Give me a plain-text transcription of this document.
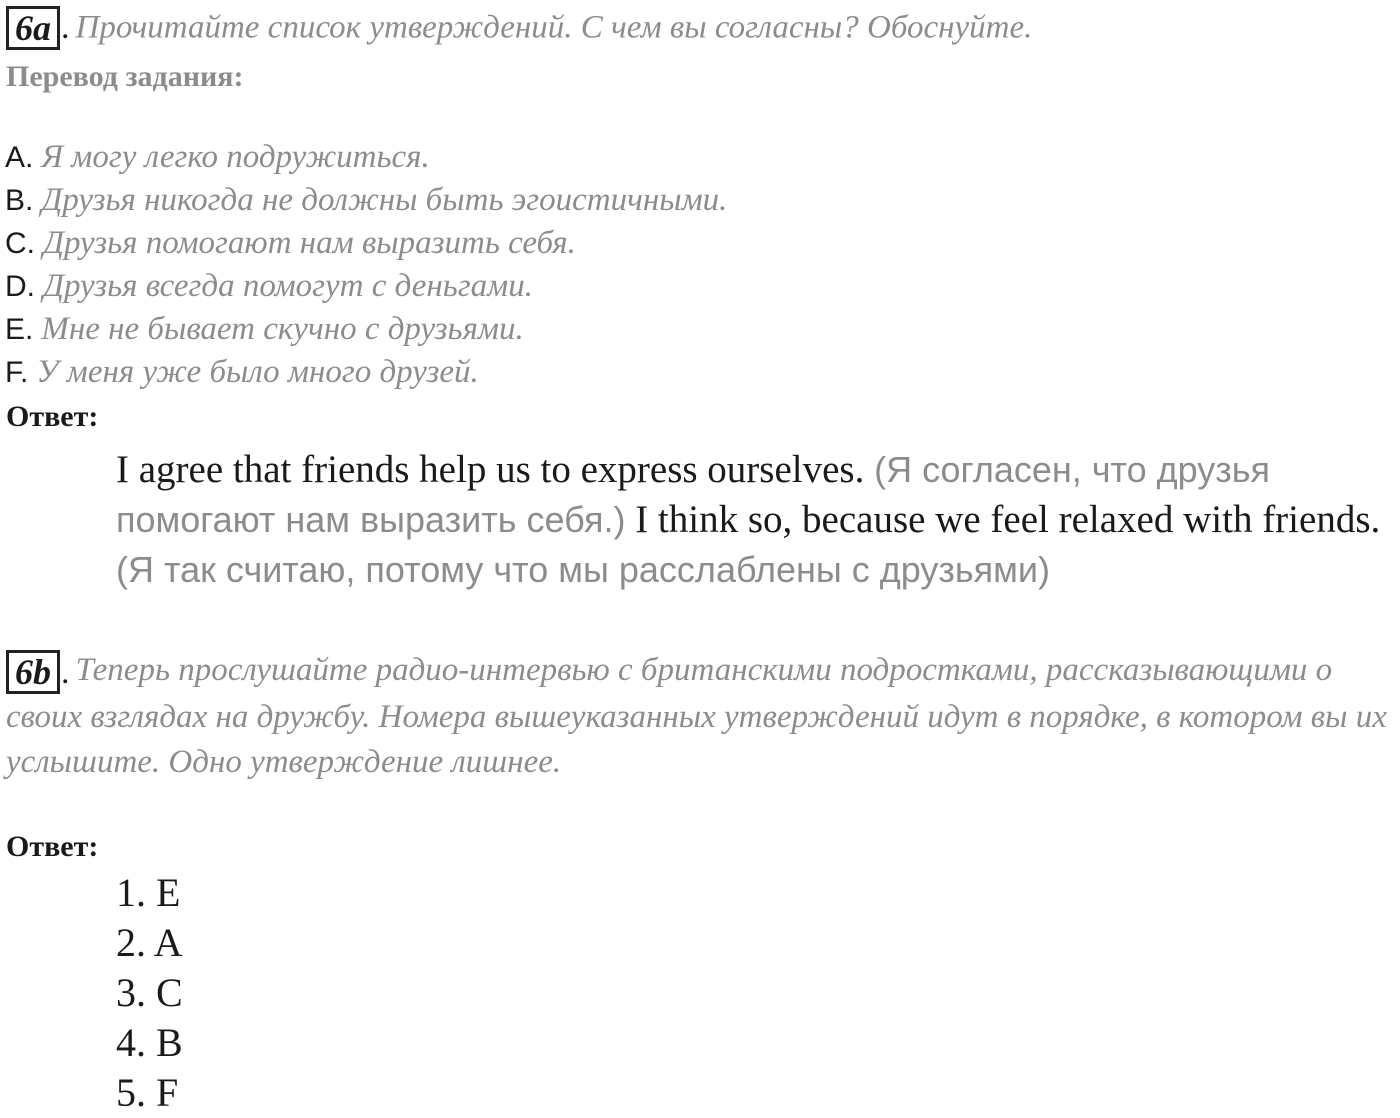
6a . Прочитайте список утверждений. С чем вы согласны? Обоснуйте.
Перевод задания:
A. Я могу легко подружиться.
B. Друзья никогда не должны быть эгоистичными.
C. Друзья помогают нам выразить себя.
D. Друзья всегда помогут с деньгами.
E. Мне не бывает скучно с друзьями.
F. У меня уже было много друзей.
Ответ:
I agree that friends help us to express ourselves. (Я согласен, что друзья помогают нам выразить себя.) I think so, because we feel relaxed with friends. (Я так считаю, потому что мы расслаблены с друзьями)
6b . Теперь прослушайте радио-интервью с британскими подростками, рассказывающими о своих взглядах на дружбу. Номера вышеуказанных утверждений идут в порядке, в котором вы их услышите. Одно утверждение лишнее.
Ответ:
1. E
2. A
3. C
4. B
5. F
